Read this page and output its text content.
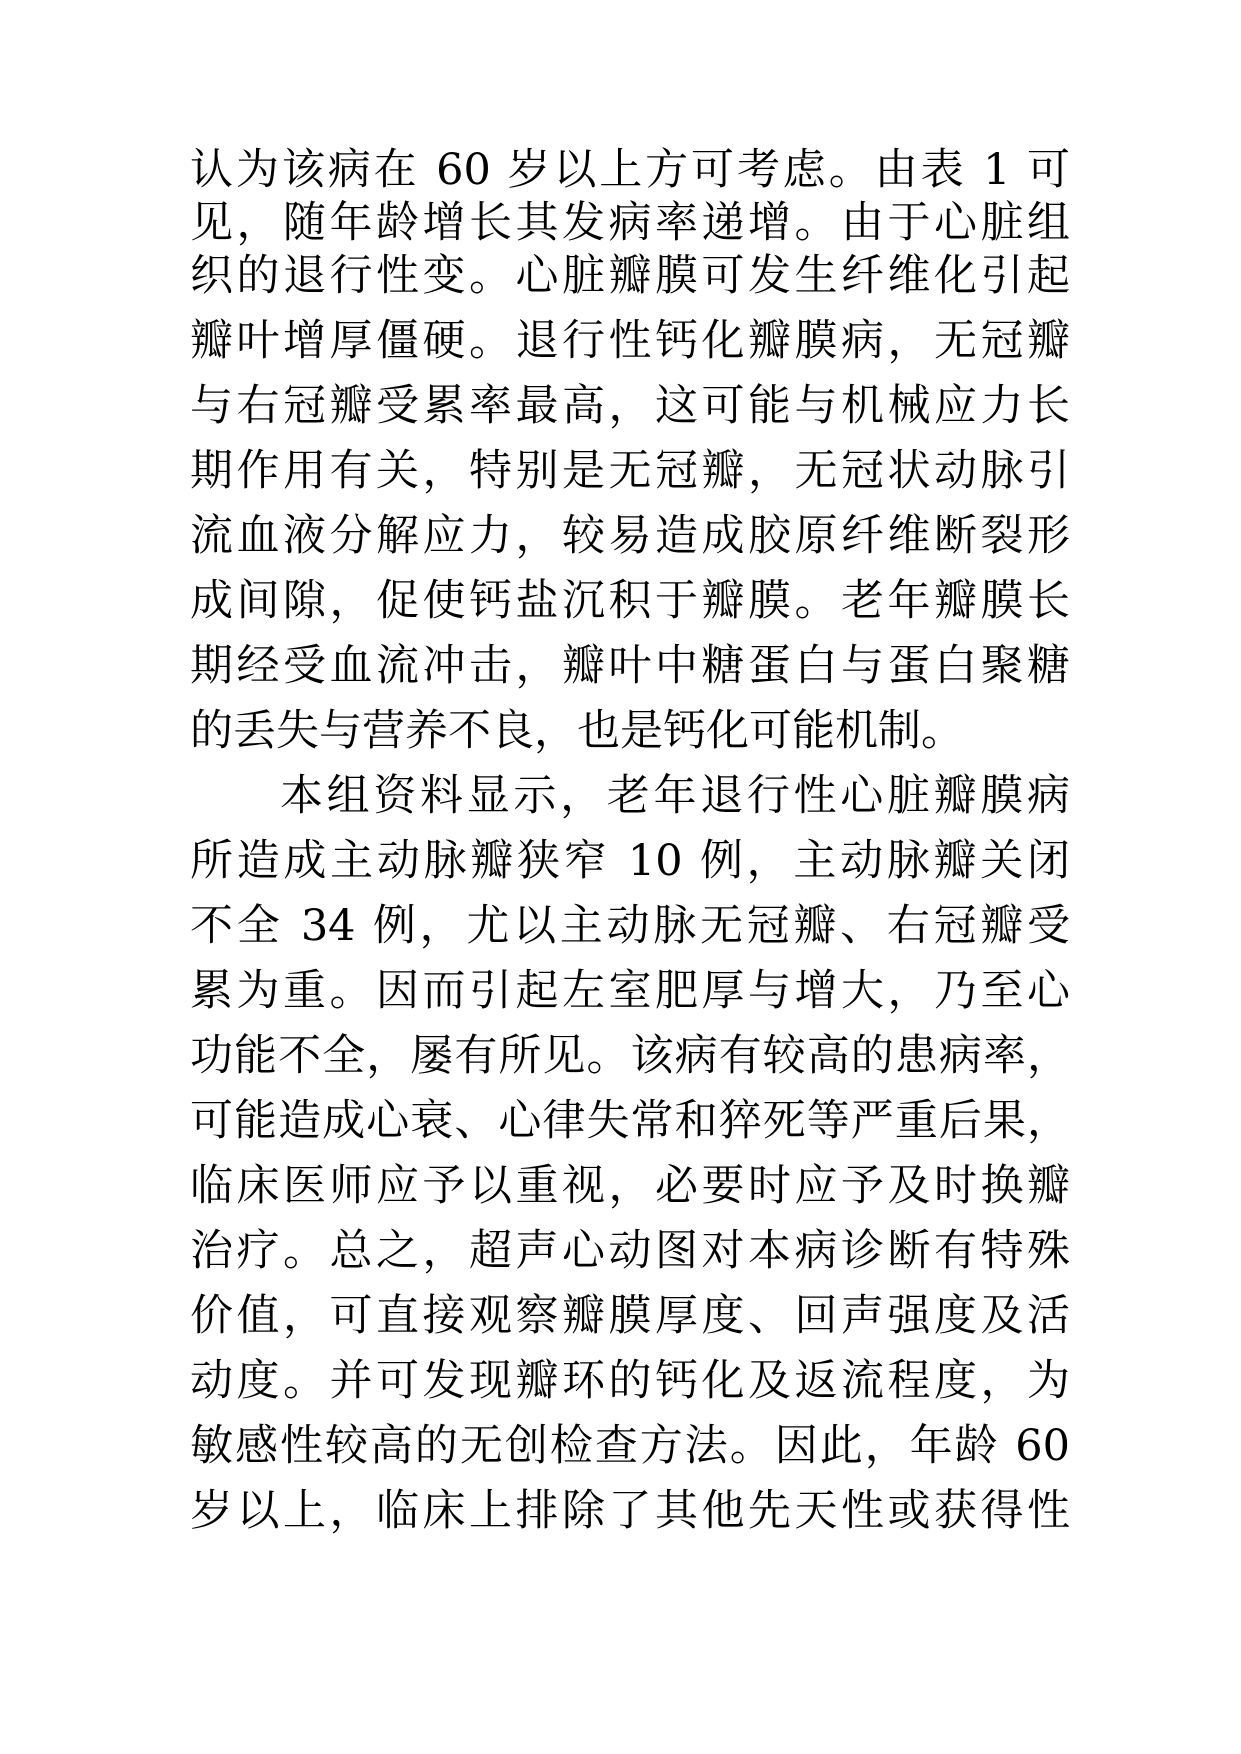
认为该病在 60 岁以上方可考虑。由表 1 可
见，随年龄增长其发病率递增。由于心脏组
织的退行性变。心脏瓣膜可发生纤维化引起
瓣叶增厚僵硬。退行性钙化瓣膜病，无冠瓣
与右冠瓣受累率最高，这可能与机械应力长
期作用有关，特别是无冠瓣，无冠状动脉引
流血液分解应力，较易造成胶原纤维断裂形
成间隙，促使钙盐沉积于瓣膜。老年瓣膜长
期经受血流冲击，瓣叶中糖蛋白与蛋白聚糖
的丢失与营养不良，也是钙化可能机制。
本组资料显示，老年退行性心脏瓣膜病
所造成主动脉瓣狭窄 10 例，主动脉瓣关闭
不全 34 例，尤以主动脉无冠瓣、右冠瓣受
累为重。因而引起左室肥厚与增大，乃至心
功能不全，屡有所见。该病有较高的患病率，
可能造成心衰、心律失常和猝死等严重后果，
临床医师应予以重视，必要时应予及时换瓣
治疗。总之，超声心动图对本病诊断有特殊
价值，可直接观察瓣膜厚度、回声强度及活
动度。并可发现瓣环的钙化及返流程度，为
敏感性较高的无创检查方法。因此，年龄 60
岁以上，临床上排除了其他先天性或获得性
